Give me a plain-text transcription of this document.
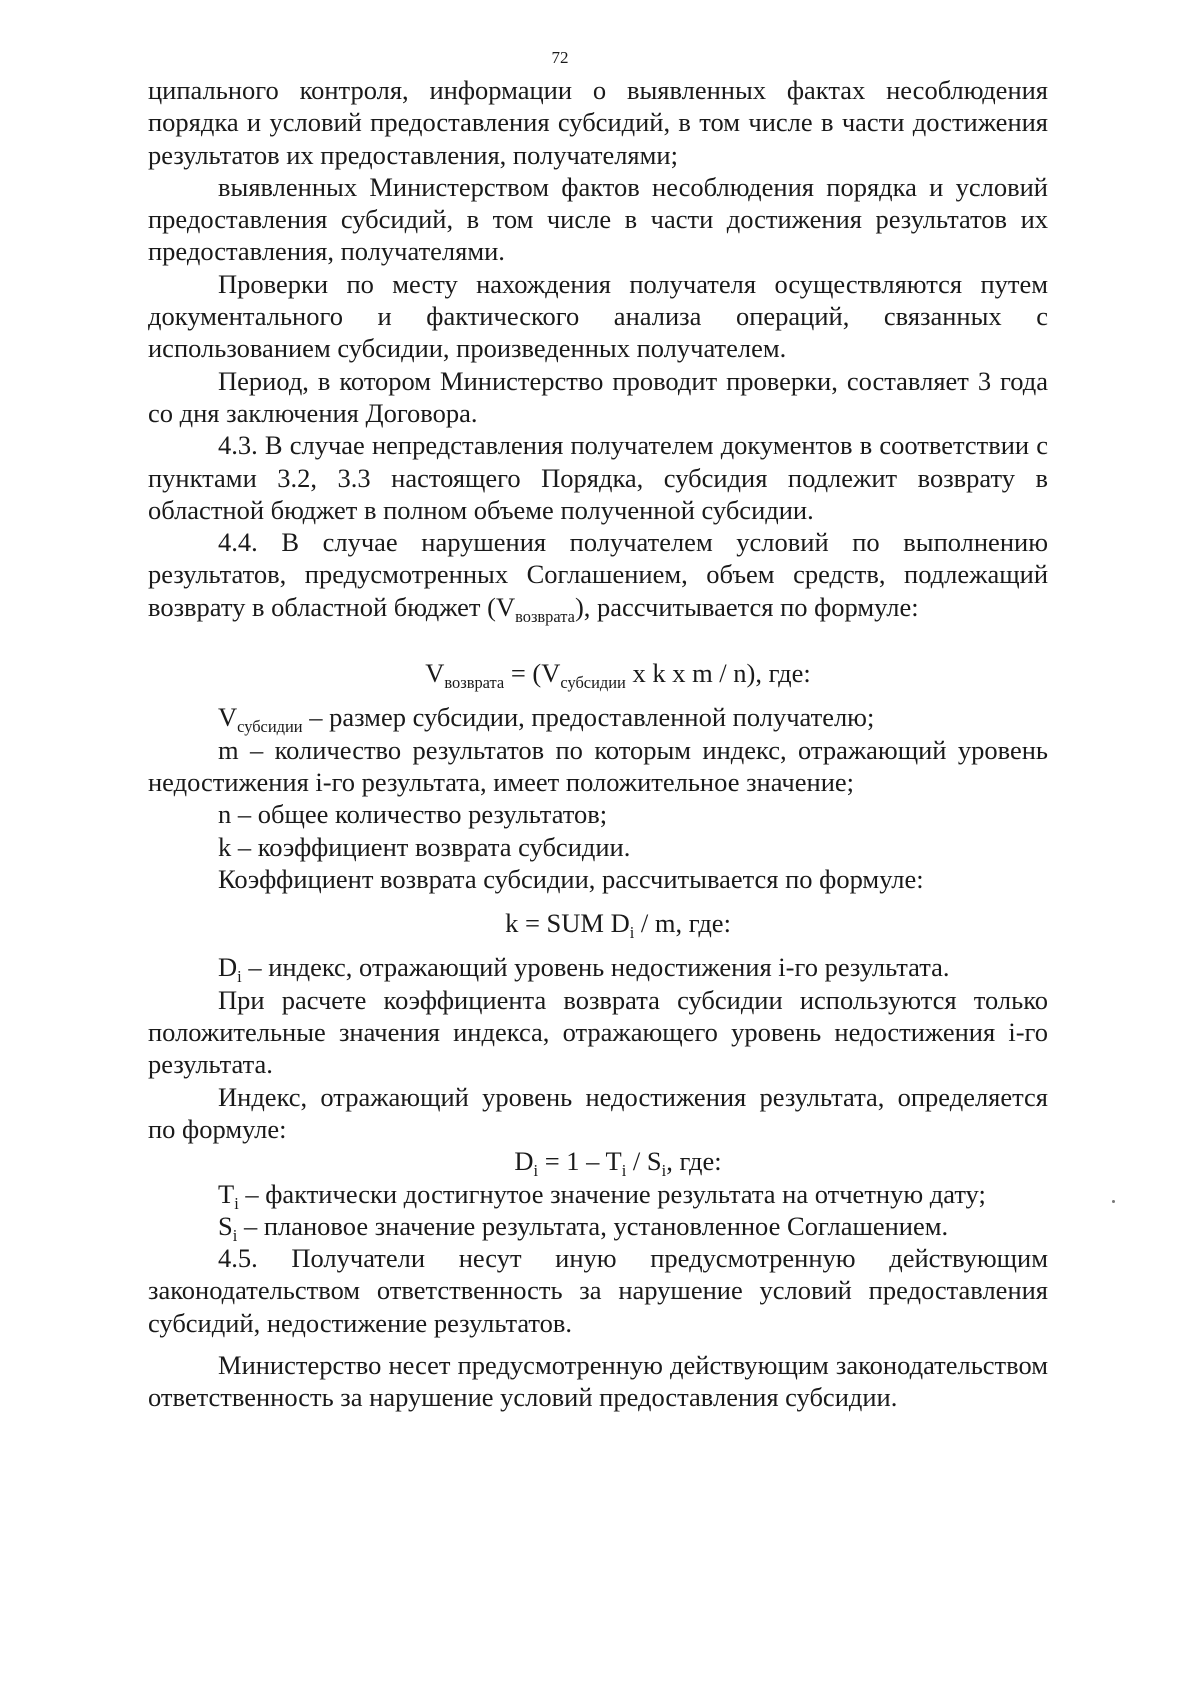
72

ципального контроля, информации о выявленных фактах несоблюдения порядка и условий предоставления субсидий, в том числе в части достижения результатов их предоставления, получателями;

выявленных Министерством фактов несоблюдения порядка и условий предоставления субсидий, в том числе в части достижения результатов их предоставления, получателями.

Проверки по месту нахождения получателя осуществляются путем документального и фактического анализа операций, связанных с использованием субсидии, произведенных получателем.

Период, в котором Министерство проводит проверки, составляет 3 года со дня заключения Договора.

4.3. В случае непредставления получателем документов в соответствии с пунктами 3.2, 3.3 настоящего Порядка, субсидия подлежит возврату в областной бюджет в полном объеме полученной субсидии.

4.4. В случае нарушения получателем условий по выполнению результатов, предусмотренных Соглашением, объем средств, подлежащий возврату в областной бюджет $(V_{возврата})$, рассчитывается по формуле:

$V_{возврата} = (V_{субсидии}$ x k x m / n), где:

$V_{субсидии}$ – размер субсидии, предоставленной получателю;

m – количество результатов по которым индекс, отражающий уровень недостижения i-го результата, имеет положительное значение;

n – общее количество результатов;

k – коэффициент возврата субсидии.

Коэффициент возврата субсидии, рассчитывается по формуле:

k = SUM $D_i$ / m, где:

$D_i$ – индекс, отражающий уровень недостижения i-го результата.

При расчете коэффициента возврата субсидии используются только положительные значения индекса, отражающего уровень недостижения i-го результата.

Индекс, отражающий уровень недостижения результата, определяется по формуле:

$D_i = 1 - T_i / S_i$, где:

$T_i$ – фактически достигнутое значение результата на отчетную дату;

$S_i$ – плановое значение результата, установленное Соглашением.

4.5. Получатели несут иную предусмотренную действующим законодательством ответственность за нарушение условий предоставления субсидий, недостижение результатов.

Министерство несет предусмотренную действующим законодательством ответственность за нарушение условий предоставления субсидии.
